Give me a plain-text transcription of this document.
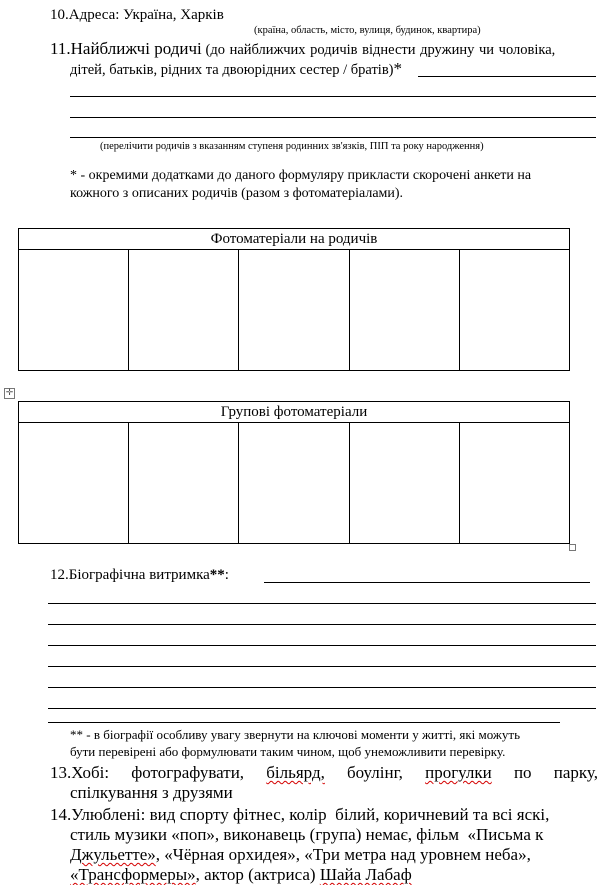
10.Адреса: Україна, Харків
(країна, область, місто, вулиця, будинок, квартира)
11.Найближчі родичі (до найближчих родичів віднести дружину чи чоловіка,
дітей, батьків, рідних та двоюрідних сестер / братів)*
(перелічити родичів з вказанням ступеня родинних зв'язків, ПІП та року народження)
* - окремими додатками до даного формуляру прикласти скорочені анкети на
кожного з описаних родичів (разом з фотоматеріалами).
Фотоматеріали на родичів

✛
Групові фотоматеріали

12.Біографічна витримка**:
** - в біографії особливу увагу звернути на ключові моменти у житті, які можуть
бути перевірені або формулювати таким чином, щоб унеможливити перевірку.
13.Хобі: фотографувати, більярд, боулінг, прогулки по парку,
спілкування з друзями
14.Улюблені: вид спорту фітнес, колір білий, коричневий та всі яскі,
стиль музики «поп», виконавець (група) немає, фільм «Письма к
Джульетте», «Чёрная орхидея», «Три метра над уровнем неба»,
«Трансформеры», актор (актриса) Шайа Лабаф
